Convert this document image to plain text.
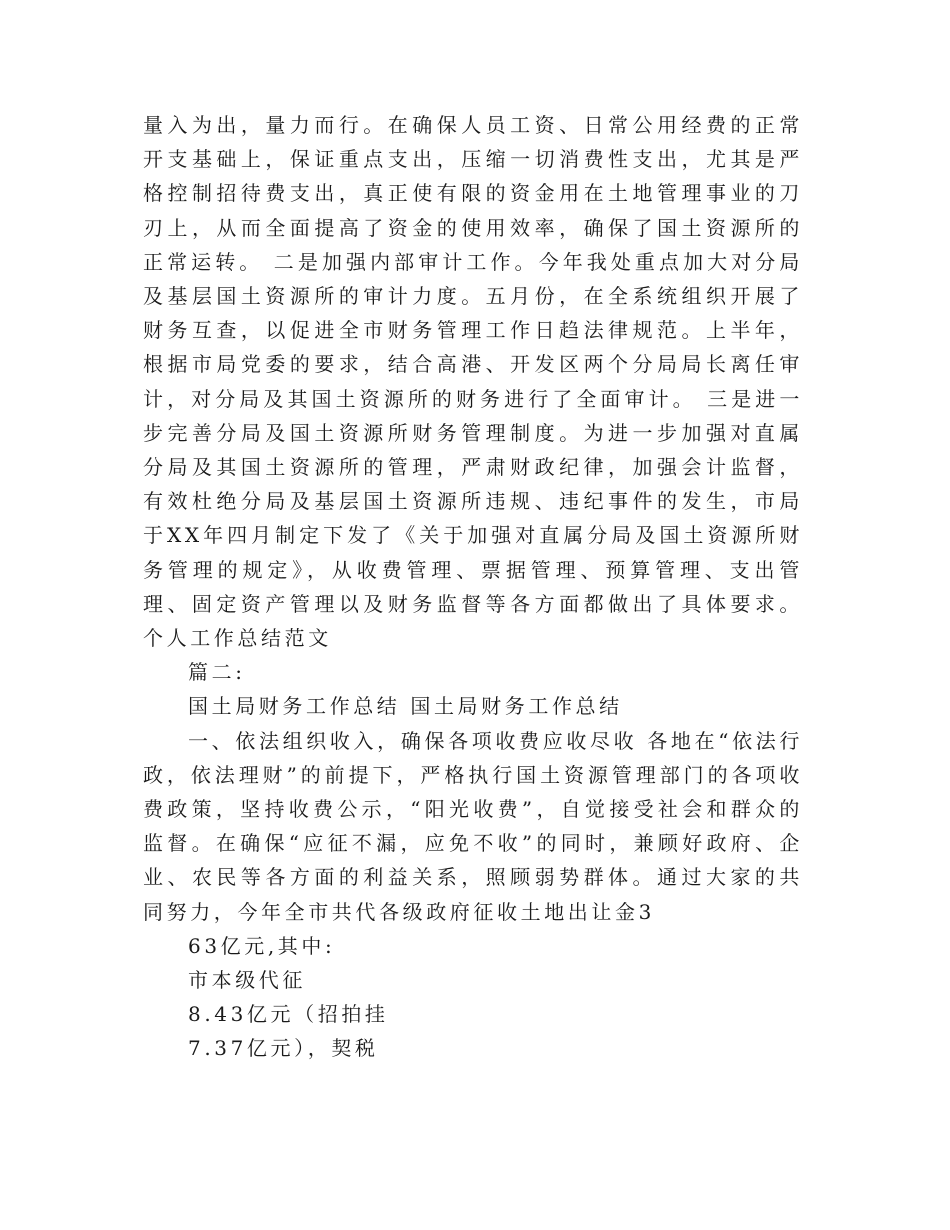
量入为出，量力而行。在确保人员工资、日常公用经费的正常开支基础上，保证重点支出，压缩一切消费性支出，尤其是严格控制招待费支出，真正使有限的资金用在土地管理事业的刀刃上，从而全面提高了资金的使用效率，确保了国土资源所的正常运转。 二是加强内部审计工作。今年我处重点加大对分局及基层国土资源所的审计力度。五月份，在全系统组织开展了财务互查，以促进全市财务管理工作日趋法律规范。上半年，根据市局党委的要求，结合高港、开发区两个分局局长离任审计，对分局及其国土资源所的财务进行了全面审计。 三是进一步完善分局及国土资源所财务管理制度。为进一步加强对直属分局及其国土资源所的管理，严肃财政纪律，加强会计监督，有效杜绝分局及基层国土资源所违规、违纪事件的发生，市局于XX年四月制定下发了《关于加强对直属分局及国土资源所财务管理的规定》，从收费管理、票据管理、预算管理、支出管理、固定资产管理以及财务监督等各方面都做出了具体要求。 个人工作总结范文

篇二:

国土局财务工作总结 国土局财务工作总结

一、依法组织收入，确保各项收费应收尽收 各地在“依法行政，依法理财”的前提下，严格执行国土资源管理部门的各项收费政策，坚持收费公示，“阳光收费”，自觉接受社会和群众的监督。在确保“应征不漏，应免不收”的同时，兼顾好政府、企业、农民等各方面的利益关系，照顾弱势群体。通过大家的共同努力，今年全市共代各级政府征收土地出让金3

63亿元,其中:

市本级代征

8.43亿元（招拍挂

7.37亿元），契税
